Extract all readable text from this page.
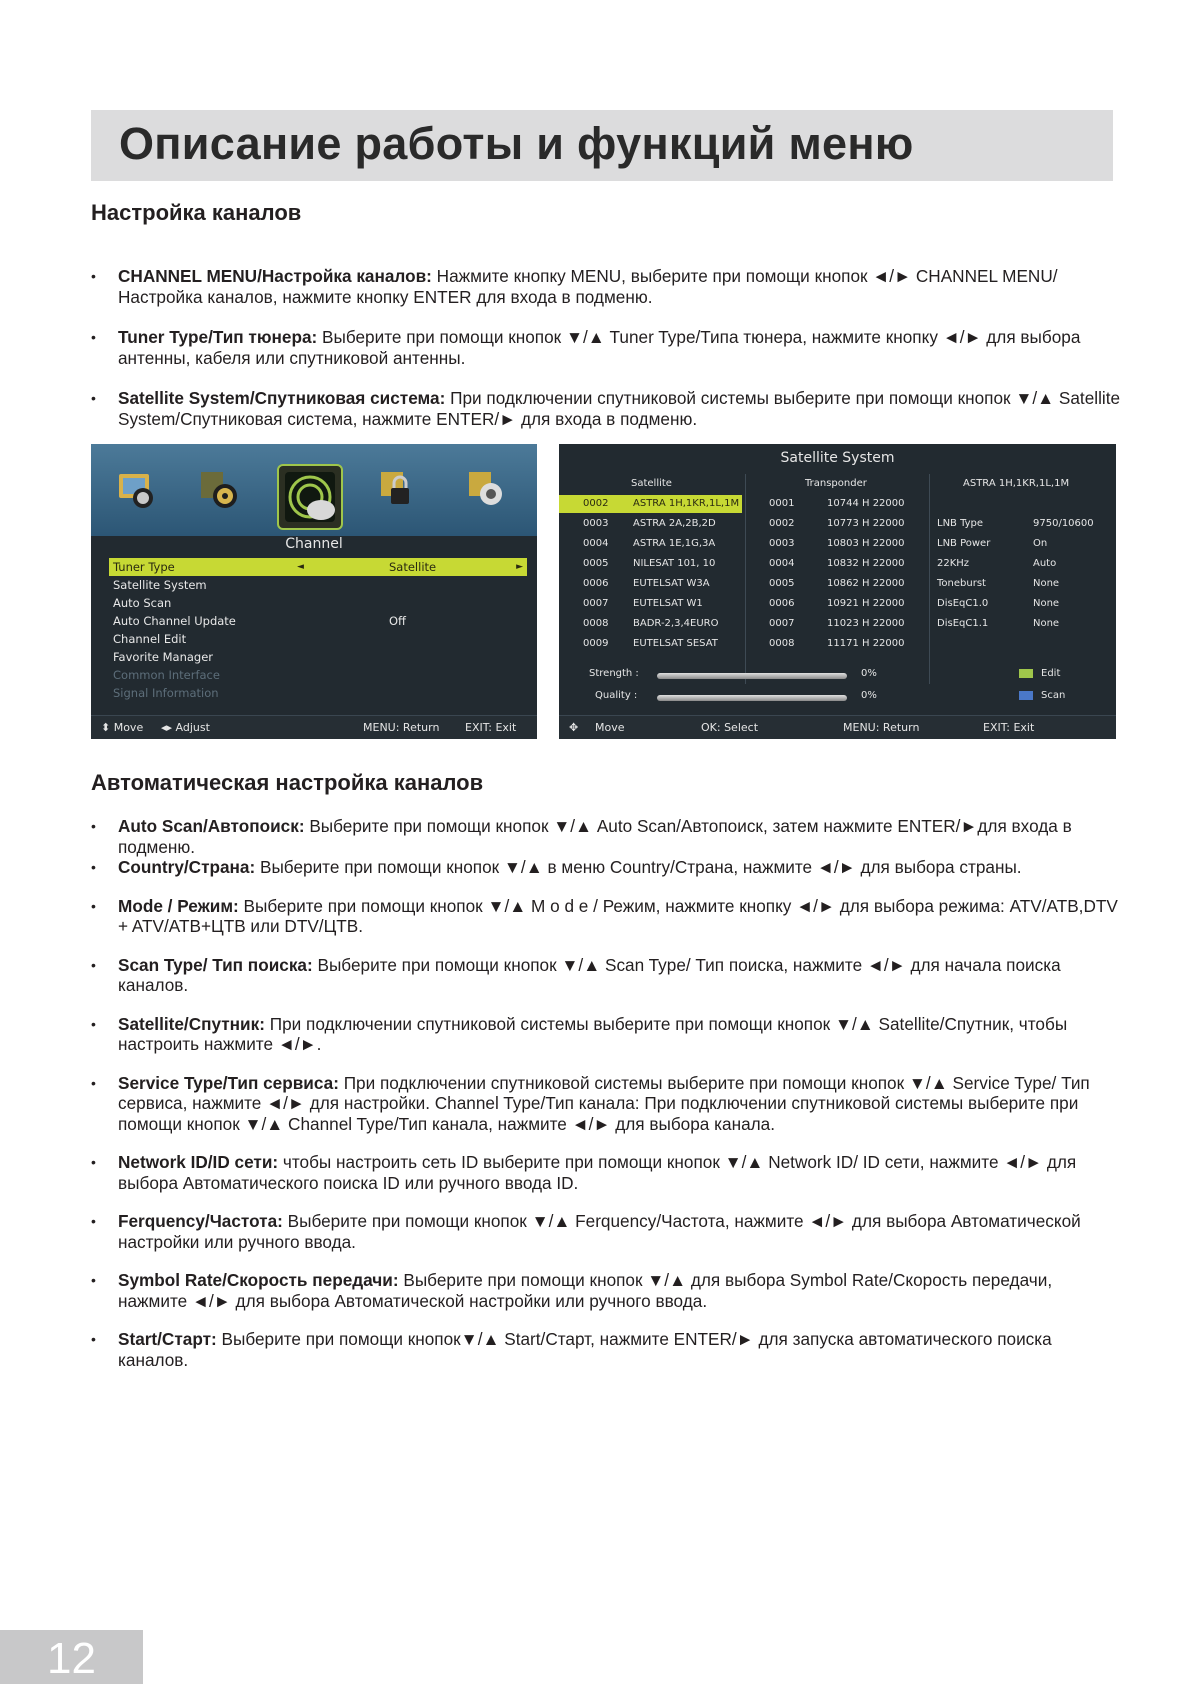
Описание работы и функций меню
Настройка каналов
• CHANNEL MENU/Настройка каналов: Нажмите кнопку MENU, выберите при помощи кнопок ◄/► CHANNEL MENU/Настройка каналов, нажмите кнопку ENTER для входа в подменю.
• Tuner Type/Тип тюнера: Выберите при помощи кнопок ▼/▲ Tuner Type/Типа тюнера, нажмите кнопку ◄/► для выбора антенны, кабеля или спутниковой антенны.
• Satellite System/Спутниковая система: При подключении спутниковой системы выберите при помощи кнопок ▼/▲ Satellite System/Спутниковая система, нажмите ENTER/► для входа в подменю.
Channel
Tuner Type	◄	Satellite	►
Satellite System
Auto Scan
Auto Channel Update	Off
Channel Edit
Favorite Manager
Common Interface
Signal Information
⬍ Move ◂▸ Adjust	MENU: Return EXIT: Exit
Satellite System
Satellite	Transponder	ASTRA 1H,1KR,1L,1M
0002 ASTRA 1H,1KR,1L,1M	0001	10744 H 22000
0003 ASTRA 2A,2B,2D	0002	10773 H 22000	LNB Type	9750/10600
0004 ASTRA 1E,1G,3A	0003	10803 H 22000	LNB Power	On
0005 NILESAT 101, 10	0004	10832 H 22000	22KHz	Auto
0006 EUTELSAT W3A	0005	10862 H 22000	Toneburst	None
0007 EUTELSAT W1	0006	10921 H 22000	DisEqC1.0	None
0008 BADR-2,3,4EURO	0007	11023 H 22000	DisEqC1.1	None
0009 EUTELSAT SESAT	0008	11171 H 22000
Strength :	0%
Quality :	0%
Edit
Scan
✥ Move	OK: Select	MENU: Return	EXIT: Exit
Автоматическая настройка каналов
• Auto Scan/Автопоиск: Выберите при помощи кнопок ▼/▲ Auto Scan/Автопоиск, затем нажмите ENTER/►для входа в подменю.
• Country/Страна: Выберите при помощи кнопок ▼/▲ в меню Country/Страна, нажмите ◄/► для выбора страны.
• Mode / Режим: Выберите при помощи кнопок ▼/▲ M o d e / Режим, нажмите кнопку ◄/► для выбора режима: ATV/ATB,DTV + ATV/ATB+ЦТВ или DTV/ЦТВ.
• Scan Type/ Тип поиска: Выберите при помощи кнопок ▼/▲ Scan Type/ Тип поиска, нажмите ◄/► для начала поиска каналов.
• Satellite/Спутник: При подключении спутниковой системы выберите при помощи кнопок ▼/▲ Satellite/Спутник, чтобы настроить нажмите ◄/►.
• Service Type/Тип сервиса: При подключении спутниковой системы выберите при помощи кнопок ▼/▲ Service Type/ Тип сервиса, нажмите ◄/► для настройки. Channel Type/Тип канала: При подключении спутниковой системы выберите при помощи кнопок ▼/▲ Channel Type/Тип канала, нажмите ◄/► для выбора канала.
• Network ID/ID сети: чтобы настроить сеть ID выберите при помощи кнопок ▼/▲ Network ID/ ID сети, нажмите ◄/► для выбора Автоматического поиска ID или ручного ввода ID.
• Ferquency/Частота: Выберите при помощи кнопок ▼/▲ Ferquency/Частота, нажмите ◄/► для выбора Автоматической настройки или ручного ввода.
• Symbol Rate/Скорость передачи: Выберите при помощи кнопок ▼/▲ для выбора Symbol Rate/Скорость передачи, нажмите ◄/► для выбора Автоматической настройки или ручного ввода.
• Start/Старт: Выберите при помощи кнопок▼/▲ Start/Старт, нажмите ENTER/► для запуска автоматического поиска каналов.
12
